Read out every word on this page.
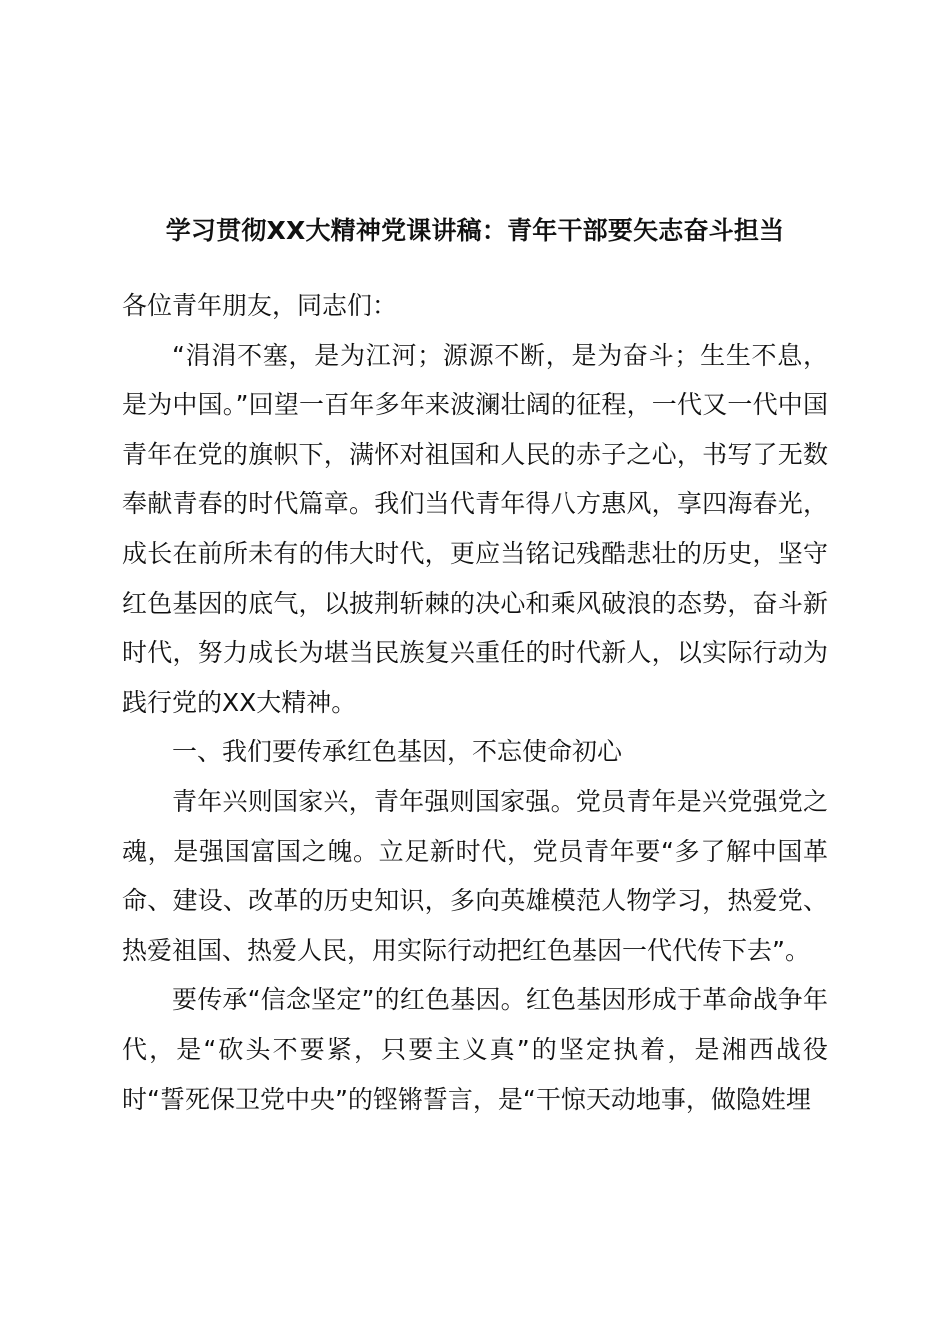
学习贯彻XX大精神党课讲稿：青年干部要矢志奋斗担当

各位青年朋友，同志们：

“涓涓不塞，是为江河；源源不断，是为奋斗；生生不息，是为中国。”回望一百年多年来波澜壮阔的征程，一代又一代中国青年在党的旗帜下，满怀对祖国和人民的赤子之心，书写了无数奉献青春的时代篇章。我们当代青年得八方惠风，享四海春光，成长在前所未有的伟大时代，更应当铭记残酷悲壮的历史，坚守红色基因的底气，以披荆斩棘的决心和乘风破浪的态势，奋斗新时代，努力成长为堪当民族复兴重任的时代新人，以实际行动为践行党的XX大精神。

一、我们要传承红色基因，不忘使命初心

青年兴则国家兴，青年强则国家强。党员青年是兴党强党之魂，是强国富国之魄。立足新时代，党员青年要“多了解中国革命、建设、改革的历史知识，多向英雄模范人物学习，热爱党、热爱祖国、热爱人民，用实际行动把红色基因一代代传下去”。

要传承“信念坚定”的红色基因。红色基因形成于革命战争年代，是“砍头不要紧，只要主义真”的坚定执着，是湘西战役时“誓死保卫党中央”的铿锵誓言，是“干惊天动地事，做隐姓埋
